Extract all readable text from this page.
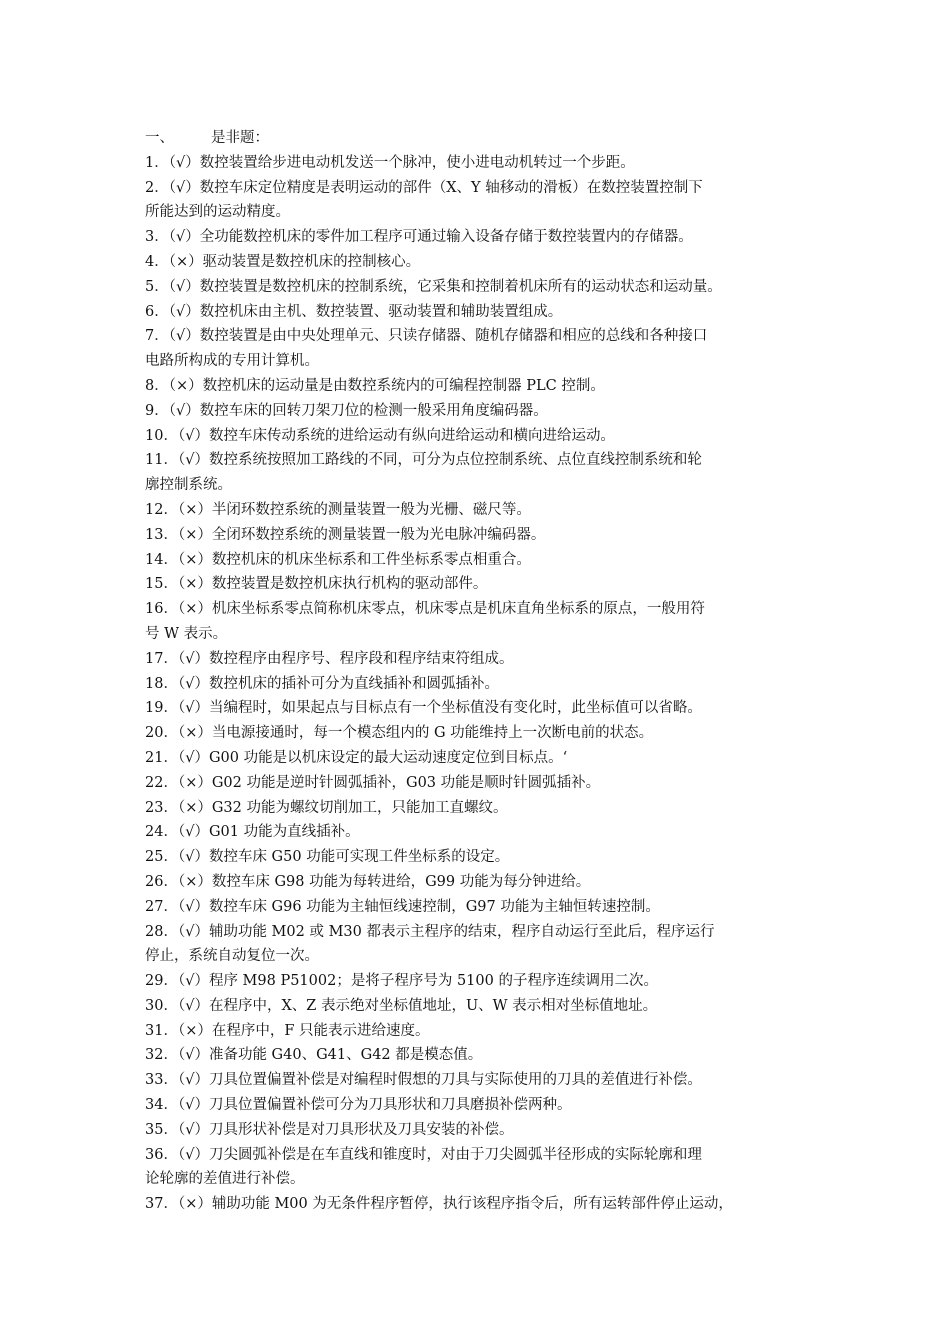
一、	是非题：
1．（√）数控装置给步进电动机发送一个脉冲，使小进电动机转过一个步距。
2．（√）数控车床定位精度是表明运动的部件（X、Y 轴移动的滑板）在数控装置控制下
所能达到的运动精度。
3．（√）全功能数控机床的零件加工程序可通过输入设备存储于数控装置内的存储器。
4．（×）驱动装置是数控机床的控制核心。
5．（√）数控装置是数控机床的控制系统，它采集和控制着机床所有的运动状态和运动量。
6．（√）数控机床由主机、数控装置、驱动装置和辅助装置组成。
7．（√）数控装置是由中央处理单元、只读存储器、随机存储器和相应的总线和各种接口
电路所构成的专用计算机。
8．（×）数控机床的运动量是由数控系统内的可编程控制器 PLC 控制。
9．（√）数控车床的回转刀架刀位的检测一般采用角度编码器。
10．（√）数控车床传动系统的进给运动有纵向进给运动和横向进给运动。
11．（√）数控系统按照加工路线的不同，可分为点位控制系统、点位直线控制系统和轮
廓控制系统。
12．（×）半闭环数控系统的测量装置一般为光栅、磁尺等。
13．（×）全闭环数控系统的测量装置一般为光电脉冲编码器。
14．（×）数控机床的机床坐标系和工件坐标系零点相重合。
15．（×）数控装置是数控机床执行机构的驱动部件。
16．（×）机床坐标系零点简称机床零点，机床零点是机床直角坐标系的原点，一般用符
号 W 表示。
17．（√）数控程序由程序号、程序段和程序结束符组成。
18．（√）数控机床的插补可分为直线插补和圆弧插补。
19．（√）当编程时，如果起点与目标点有一个坐标值没有变化时，此坐标值可以省略。
20．（×）当电源接通时，每一个模态组内的 G 功能维持上一次断电前的状态。
21．（√）G00 功能是以机床设定的最大运动速度定位到目标点。‘
22．（×）G02 功能是逆时针圆弧插补，G03 功能是顺时针圆弧插补。
23．（×）G32 功能为螺纹切削加工，只能加工直螺纹。
24．（√）G01 功能为直线插补。
25．（√）数控车床 G50 功能可实现工件坐标系的设定。
26．（×）数控车床 G98 功能为每转进给，G99 功能为每分钟进给。
27．（√）数控车床 G96 功能为主轴恒线速控制，G97 功能为主轴恒转速控制。
28．（√）辅助功能 M02 或 M30 都表示主程序的结束，程序自动运行至此后，程序运行
停止，系统自动复位一次。
29．（√）程序 M98 P51002；是将子程序号为 5100 的子程序连续调用二次。
30．（√）在程序中，X、Z 表示绝对坐标值地址，U、W 表示相对坐标值地址。
31．（×）在程序中，F 只能表示进给速度。
32．（√）准备功能 G40、G41、G42 都是模态值。
33．（√）刀具位置偏置补偿是对编程时假想的刀具与实际使用的刀具的差值进行补偿。
34．（√）刀具位置偏置补偿可分为刀具形状和刀具磨损补偿两种。
35．（√）刀具形状补偿是对刀具形状及刀具安装的补偿。
36．（√）刀尖圆弧补偿是在车直线和锥度时，对由于刀尖圆弧半径形成的实际轮廓和理
论轮廓的差值进行补偿。
37．（×）辅助功能 M00 为无条件程序暂停，执行该程序指令后，所有运转部件停止运动，
